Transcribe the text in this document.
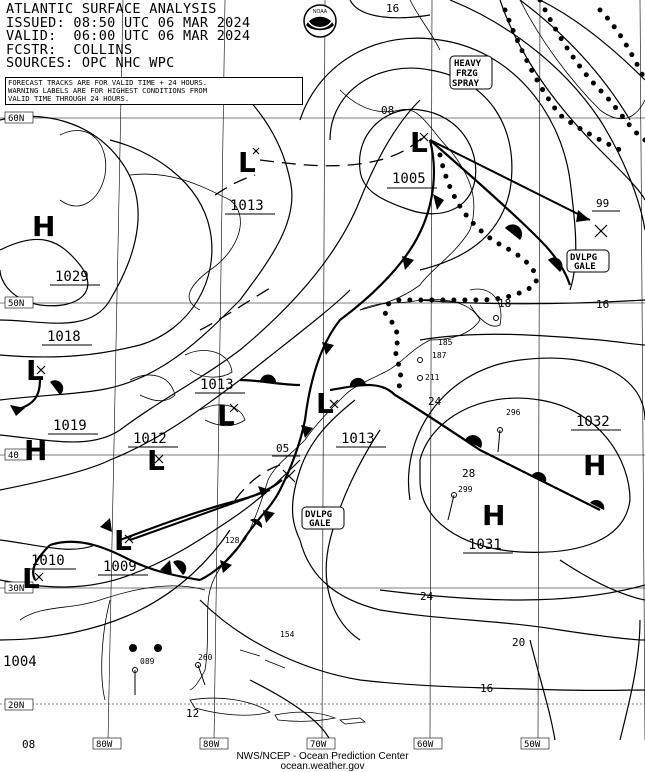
NOAA
ATLANTIC SURFACE ANALYSIS
ISSUED: 08:50 UTC 06 MAR 2024
VALID:  06:00 UTC 06 MAR 2024
FCSTR:  COLLINS
SOURCES: OPC NHC WPC
FORECAST TRACKS ARE FOR VALID TIME + 24 HOURS.
WARNING LABELS ARE FOR HIGHEST CONDITIONS FROM
VALID TIME THROUGH 24 HOURS.
60N
50N
40
30N
20N
80W	80W	70W	60W	50W
H
L
L
L
L
L
L
L
H
H
L
H
1029
1013
1005
1013
1012
1009
1010
1013
1032
1031
1019
1018
1004
99
05
16
16
16
24
24
20
28
08
08
12
18
187
211
296
299
089
154
260
185
128
HEAVY
FRZG
SPRAY
DVLPG
GALE
DVLPG
GALE
NWS/NCEP - Ocean Prediction Center
ocean.weather.gov
